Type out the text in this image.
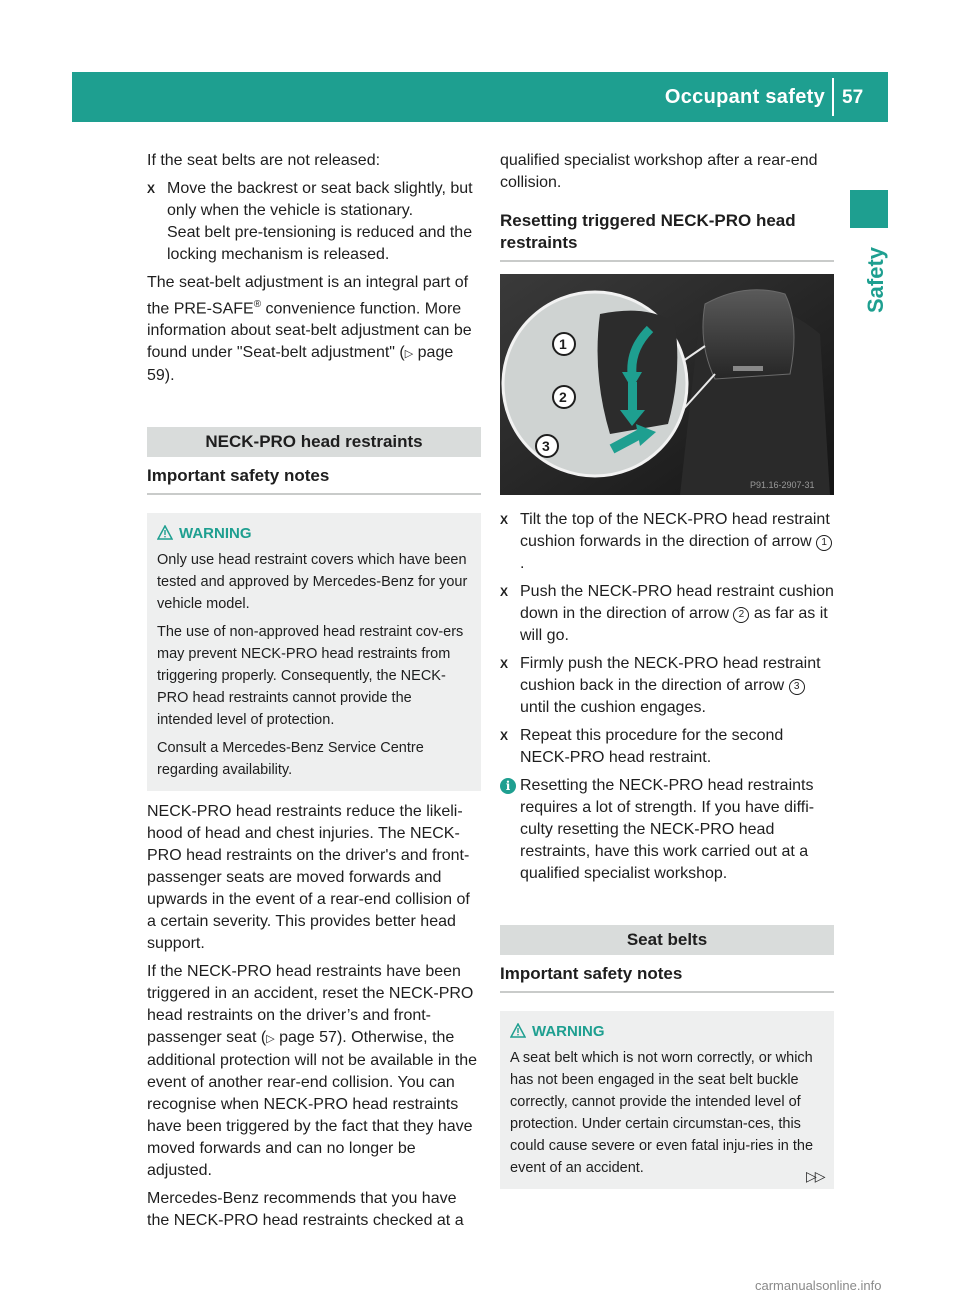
Occupant safety 57
Safety

If the seat belts are not released:

X Move the backrest or seat back slightly, but only when the vehicle is stationary.
Seat belt pre-tensioning is reduced and the locking mechanism is released.

The seat-belt adjustment is an integral part of the PRE-SAFE® convenience function. More information about seat-belt adjustment can be found under "Seat-belt adjustment" (▷ page 59).

NECK-PRO head restraints
Important safety notes
WARNING

Only use head restraint covers which have been tested and approved by Mercedes-Benz for your vehicle model.

The use of non-approved head restraint cov-ers may prevent NECK-PRO head restraints from triggering properly. Consequently, the NECK-PRO head restraints cannot provide the intended level of protection.

Consult a Mercedes-Benz Service Centre regarding availability.

NECK-PRO head restraints reduce the likeli-hood of head and chest injuries. The NECK-PRO head restraints on the driver's and front-passenger seats are moved forwards and upwards in the event of a rear-end collision of a certain severity. This provides better head support.

If the NECK-PRO head restraints have been triggered in an accident, reset the NECK-PRO head restraints on the driver’s and front-passenger seat (▷ page 57). Otherwise, the additional protection will not be available in the event of another rear-end collision. You can recognise when NECK-PRO head restraints have been triggered by the fact that they have moved forwards and can no longer be adjusted.

Mercedes-Benz recommends that you have the NECK-PRO head restraints checked at a

qualified specialist workshop after a rear-end collision.

Resetting triggered NECK-PRO head restraints
1
2
3
P91.16-2907-31
X Tilt the top of the NECK-PRO head restraint cushion forwards in the direction of arrow 1.
X Push the NECK-PRO head restraint cushion down in the direction of arrow 2 as far as it will go.
X Firmly push the NECK-PRO head restraint cushion back in the direction of arrow 3 until the cushion engages.
X Repeat this procedure for the second NECK-PRO head restraint.
i Resetting the NECK-PRO head restraints requires a lot of strength. If you have diffi-culty resetting the NECK-PRO head restraints, have this work carried out at a qualified specialist workshop.
Seat belts
Important safety notes
WARNING

A seat belt which is not worn correctly, or which has not been engaged in the seat belt buckle correctly, cannot provide the intended level of protection. Under certain circumstan-ces, this could cause severe or even fatal inju-ries in the event of an accident.	▷▷
carmanualsonline.info
